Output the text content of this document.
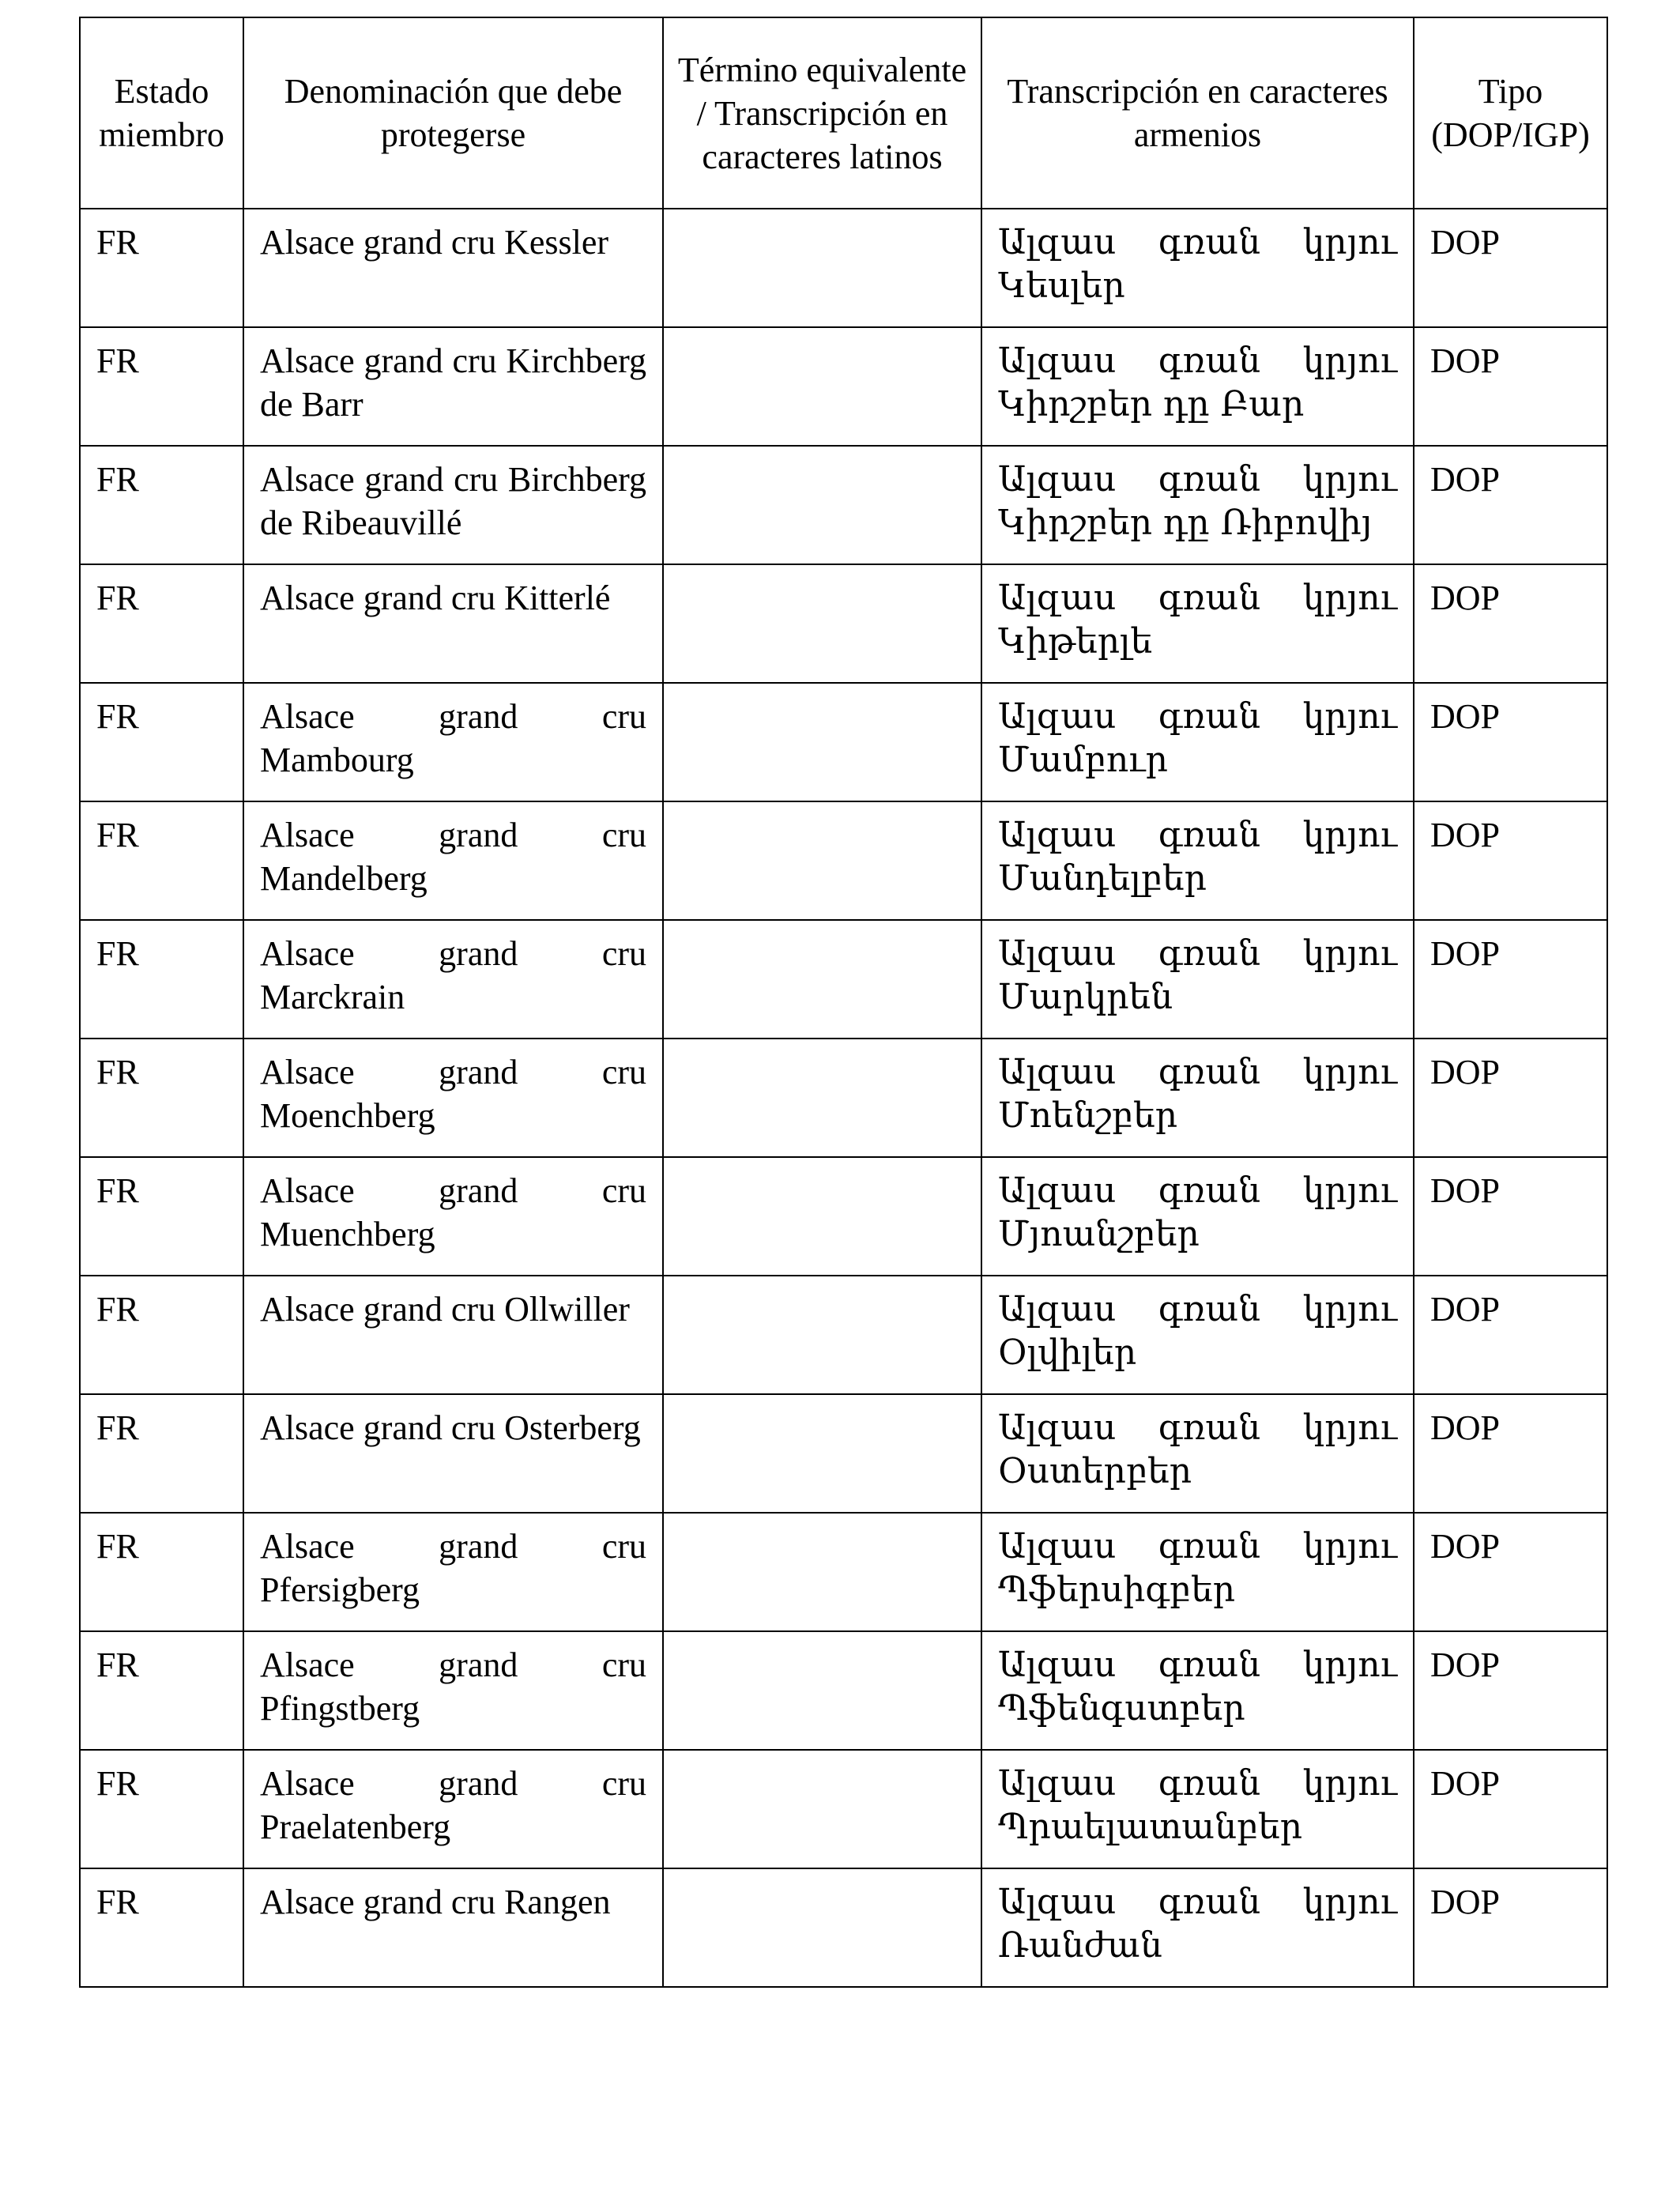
Estado miembro	Denominación que debe protegerse	Término equivalente / Transcripción en caracteres latinos	Transcripción en caracteres armenios	Tipo (DOP/IGP)
FR	Alsace grand cru Kessler		Ալզաս գռան կրյու Կեսլեր	DOP
FR	Alsace grand cru Kirchberg de Barr		Ալզաս գռան կրյու Կիրշբեր դը Բար	DOP
FR	Alsace grand cru Birchberg de Ribeauvillé		Ալզաս գռան կրյու Կիրշբեր դը Ռիբովիյ	DOP
FR	Alsace grand cru Kitterlé		Ալզաս գռան կրյու Կիթերլե	DOP
FR	Alsace grand cru Mambourg		Ալզաս գռան կրյու Մամբուր	DOP
FR	Alsace grand cru Mandelberg		Ալզաս գռան կրյու Մանդելբեր	DOP
FR	Alsace grand cru Marckrain		Ալզաս գռան կրյու Մարկրեն	DOP
FR	Alsace grand cru Moenchberg		Ալզաս գռան կրյու Մոենշբեր	DOP
FR	Alsace grand cru Muenchberg		Ալզաս գռան կրյու Մյոանշբեր	DOP
FR	Alsace grand cru Ollwiller		Ալզաս գռան կրյու Օլվիլեր	DOP
FR	Alsace grand cru Osterberg		Ալզաս գռան կրյու Օստերբեր	DOP
FR	Alsace grand cru Pfersigberg		Ալզաս գռան կրյու Պֆերսիգբեր	DOP
FR	Alsace grand cru Pfingstberg		Ալզաս գռան կրյու Պֆենգստբեր	DOP
FR	Alsace grand cru Praelatenberg		Ալզաս գռան կրյու Պրաելատանբեր	DOP
FR	Alsace grand cru Rangen		Ալզաս գռան կրյու Ռանժան	DOP
